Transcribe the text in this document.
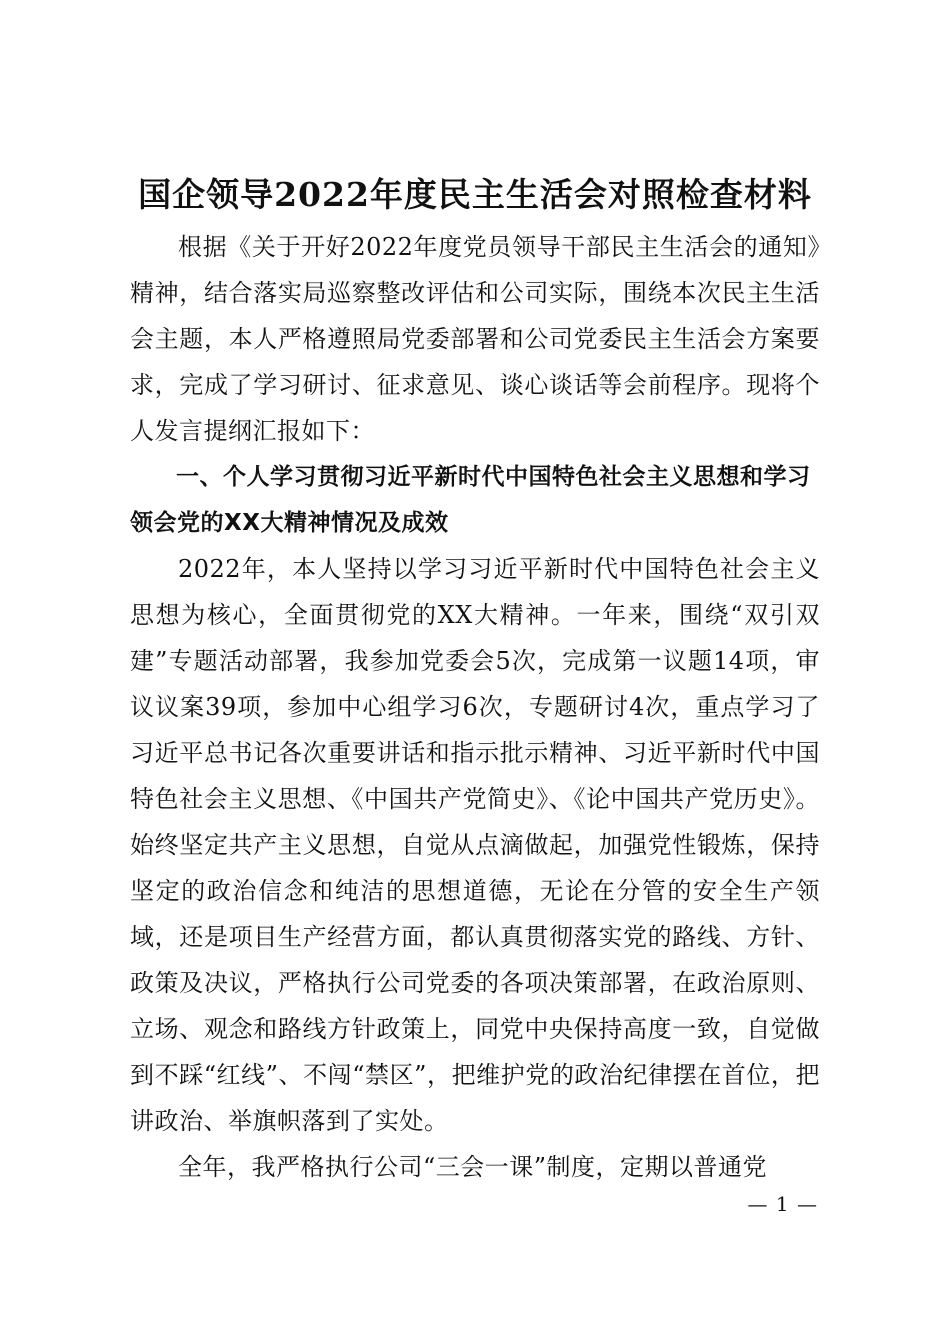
国企领导2022年度民主生活会对照检查材料

根据《关于开好2022年度党员领导干部民主生活会的通知》精神，结合落实局巡察整改评估和公司实际，围绕本次民主生活会主题，本人严格遵照局党委部署和公司党委民主生活会方案要求，完成了学习研讨、征求意见、谈心谈话等会前程序。现将个人发言提纲汇报如下：

一、个人学习贯彻习近平新时代中国特色社会主义思想和学习领会党的XX大精神情况及成效

2022年，本人坚持以学习习近平新时代中国特色社会主义思想为核心，全面贯彻党的XX大精神。一年来，围绕“双引双建”专题活动部署，我参加党委会5次，完成第一议题14项，审议议案39项，参加中心组学习6次，专题研讨4次，重点学习了习近平总书记各次重要讲话和指示批示精神、习近平新时代中国特色社会主义思想、《中国共产党简史》、《论中国共产党历史》。始终坚定共产主义思想，自觉从点滴做起，加强党性锻炼，保持坚定的政治信念和纯洁的思想道德，无论在分管的安全生产领域，还是项目生产经营方面，都认真贯彻落实党的路线、方针、政策及决议，严格执行公司党委的各项决策部署，在政治原则、立场、观念和路线方针政策上，同党中央保持高度一致，自觉做到不踩“红线”、不闯“禁区”，把维护党的政治纪律摆在首位，把讲政治、举旗帜落到了实处。

全年，我严格执行公司“三会一课”制度，定期以普通党

— 1 —
